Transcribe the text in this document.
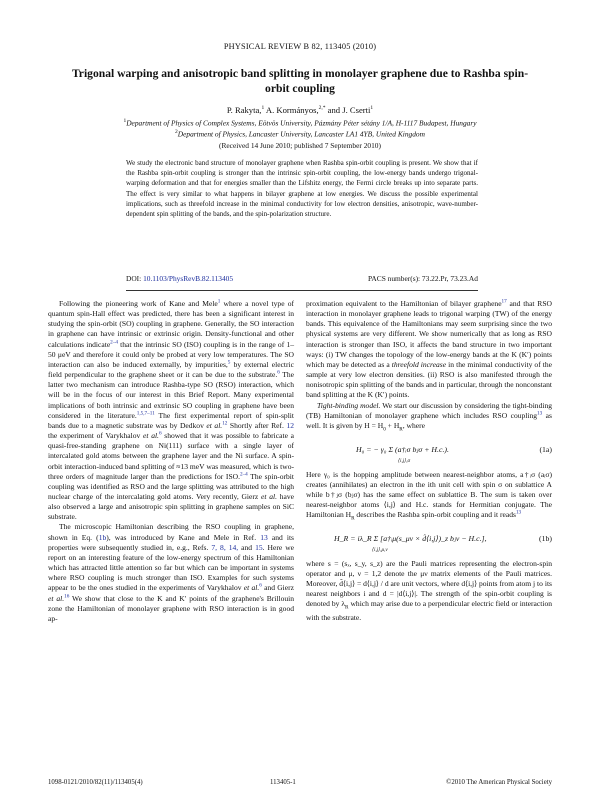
PHYSICAL REVIEW B 82, 113405 (2010)
Trigonal warping and anisotropic band splitting in monolayer graphene due to Rashba spin-orbit coupling
P. Rakyta,$^1$ A. Kormányos,$^{2,*}$ and J. Cserti$^1$
$^1$Department of Physics of Complex Systems, Eötvös University, Pázmány Péter sétány 1/A, H-1117 Budapest, Hungary
$^2$Department of Physics, Lancaster University, Lancaster LA1 4YB, United Kingdom
(Received 14 June 2010; published 7 September 2010)
We study the electronic band structure of monolayer graphene when Rashba spin-orbit coupling is present. We show that if the Rashba spin-orbit coupling is stronger than the intrinsic spin-orbit coupling, the low-energy bands undergo trigonal-warping deformation and that for energies smaller than the Lifshitz energy, the Fermi circle breaks up into separate parts. The effect is very similar to what happens in bilayer graphene at low energies. We discuss the possible experimental implications, such as threefold increase in the minimal conductivity for low electron densities, anisotropic, wave-number-dependent spin splitting of the bands, and the spin-polarization structure.
DOI: 10.1103/PhysRevB.82.113405	PACS number(s): 73.22.Pr, 73.23.Ad

Following the pioneering work of Kane and Mele$^1$ where a novel type of quantum spin-Hall effect was predicted, there has been a significant interest in studying the spin-orbit (SO) coupling in graphene. Generally, the SO interaction in graphene can have intrinsic or extrinsic origin. Density-functional and other calculations indicate$^{2-4}$ that the intrinsic SO (ISO) coupling is in the range of 1–50 μeV and therefore it could only be probed at very low temperatures. The SO interaction can also be induced externally, by impurities,$^5$ by external electric field perpendicular to the graphene sheet or it can be due to the substrate.$^6$ The latter two mechanism can introduce Rashba-type SO (RSO) interaction, which will be in the focus of our interest in this Brief Report. Many experimental implications of both intrinsic and extrinsic SO coupling in graphene have been considered in the literature.$^{1,5,7-11}$ The first experimental report of spin-split bands due to a magnetic substrate was by Dedkov et al.$^{12}$ Shortly after Ref. 12 the experiment of Varykhalov et al.$^6$ showed that it was possible to fabricate a quasi-free-standing graphene on Ni(111) surface with a single layer of intercalated gold atoms between the graphene layer and the Ni surface. A spin-orbit interaction-induced band splitting of ≈13 meV was measured, which is two-three orders of magnitude larger than the predictions for ISO.$^{2-4}$ The spin-orbit coupling was identified as RSO and the large splitting was attributed to the high nuclear charge of the intercalating gold atoms. Very recently, Gierz et al. have also observed a large and anisotropic spin splitting in graphene samples on SiC substrate.

The microscopic Hamiltonian describing the RSO coupling in graphene, shown in Eq. (1b), was introduced by Kane and Mele in Ref. 13 and its properties were subsequently studied in, e.g., Refs. 7, 8, 14, and 15. Here we report on an interesting feature of the low-energy spectrum of this Hamiltonian which has attracted little attention so far but which can be important in systems where RSO coupling is much stronger than ISO. Examples for such systems appear to be the ones studied in the experiments of Varykhalov et al.$^6$ and Gierz et al.$^{16}$ We show that close to the K and K′ points of the graphene's Brillouin zone the Hamiltonian of monolayer graphene with RSO interaction is in good ap-

proximation equivalent to the Hamiltonian of bilayer graphene$^{17}$ and that RSO interaction in monolayer graphene leads to trigonal warping (TW) of the energy bands. This equivalence of the Hamiltonians may seem surprising since the two physical systems are very different. We show numerically that as long as RSO interaction is stronger than ISO, it affects the band structure in two important ways: (i) TW changes the topology of the low-energy bands at the K (K′) points which may be detected as a threefold increase in the minimal conductivity of the sample at very low electron densities. (ii) RSO is also manifested through the nonisotropic spin splitting of the bands and in particular, through the nonconstant band splitting at the K (K′) points.

Tight-binding model. We start our discussion by considering the tight-binding (TB) Hamiltonian of monolayer graphene which includes RSO coupling$^{13}$ as well. It is given by $H = H_0 + H_R$, where

H₀ = − γ₀ Σ (a†ᵢσ bⱼσ + H.c.).
⟨i,j⟩,σ
(1a)

Here γ₀ is the hopping amplitude between nearest-neighbor atoms, a†ᵢσ (aᵢσ) creates (annihilates) an electron in the ith unit cell with spin σ on sublattice A while b†ⱼσ (bⱼσ) has the same effect on sublattice B. The sum is taken over nearest-neighbor atoms ⟨i,j⟩ and H.c. stands for Hermitian conjugate. The Hamiltonian $H_R$ describes the Rashba spin-orbit coupling and it reads$^{13}$

H_R = iλ_R Σ [a†ᵢμ(s_μν × d̂⟨i,j⟩)_z bⱼν − H.c.],
⟨i,j⟩,μ,ν
(1b)

where s = (sₓ, s_y, s_z) are the Pauli matrices representing the electron-spin operator and μ, ν = 1,2 denote the μν matrix elements of the Pauli matrices. Moreover, d̂⟨i,j⟩ = d⟨i,j⟩ / d are unit vectors, where d⟨i,j⟩ points from atom j to its nearest neighbors i and d = |d⟨i,j⟩|. The strength of the spin-orbit coupling is denoted by $\lambda_R$ which may arise due to a perpendicular electric field or interaction with the substrate.

1098-0121/2010/82(11)/113405(4)	113405-1	©2010 The American Physical Society
